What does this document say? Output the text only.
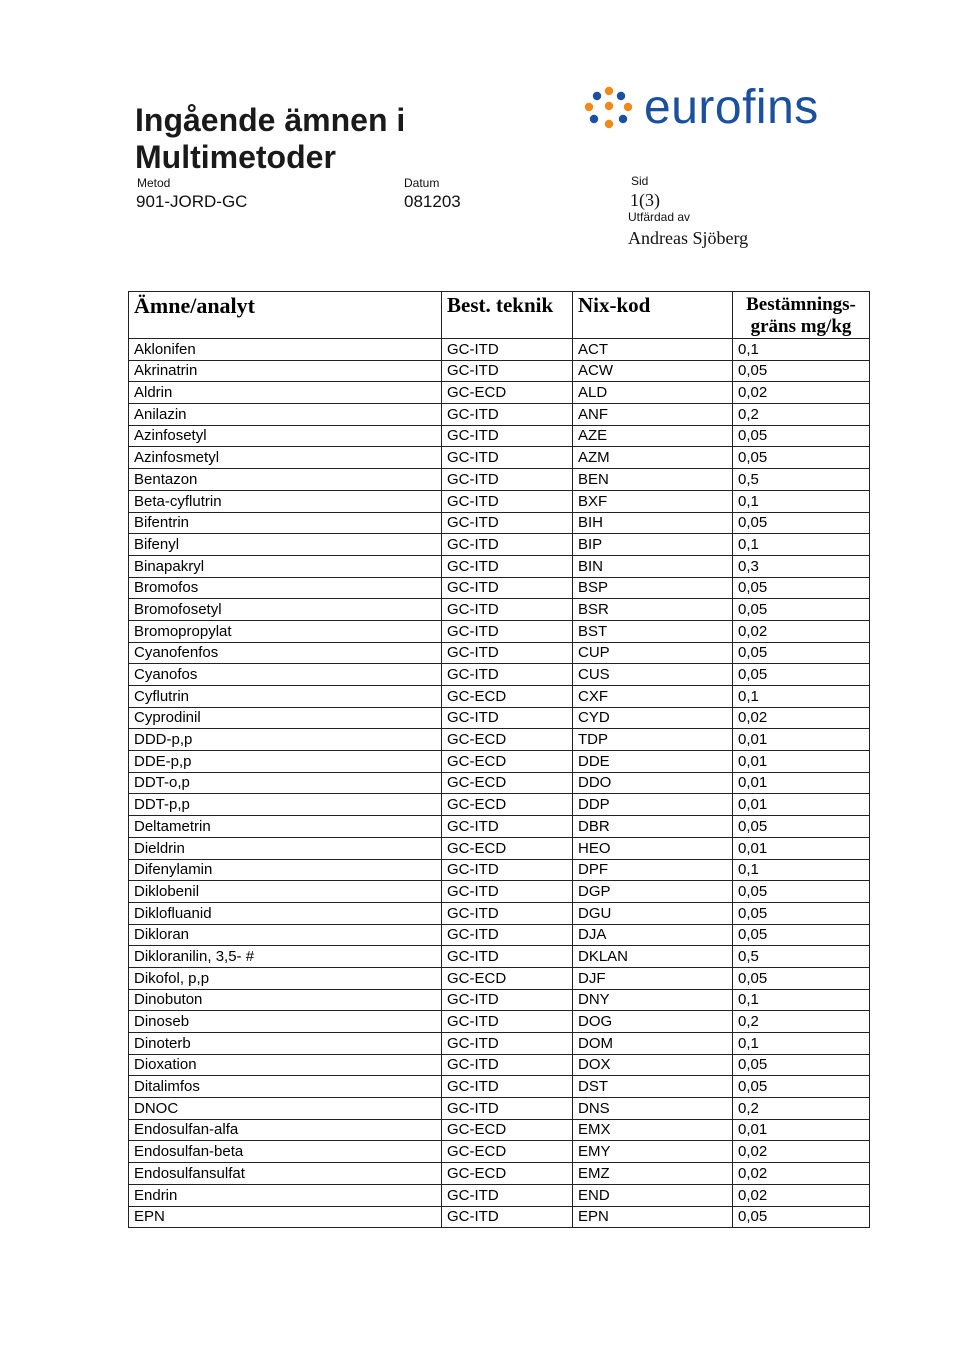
Ingående ämnen i
Multimetoder
eurofins
Metod
901-JORD-GC
Datum
081203
Sid
1(3)
Utfärdad av
Andreas Sjöberg
Ämne/analyt	Best. teknik	Nix-kod	Bestämnings-gräns mg/kg
Aklonifen	GC-ITD	ACT	0,1
Akrinatrin	GC-ITD	ACW	0,05
Aldrin	GC-ECD	ALD	0,02
Anilazin	GC-ITD	ANF	0,2
Azinfosetyl	GC-ITD	AZE	0,05
Azinfosmetyl	GC-ITD	AZM	0,05
Bentazon	GC-ITD	BEN	0,5
Beta-cyflutrin	GC-ITD	BXF	0,1
Bifentrin	GC-ITD	BIH	0,05
Bifenyl	GC-ITD	BIP	0,1
Binapakryl	GC-ITD	BIN	0,3
Bromofos	GC-ITD	BSP	0,05
Bromofosetyl	GC-ITD	BSR	0,05
Bromopropylat	GC-ITD	BST	0,02
Cyanofenfos	GC-ITD	CUP	0,05
Cyanofos	GC-ITD	CUS	0,05
Cyflutrin	GC-ECD	CXF	0,1
Cyprodinil	GC-ITD	CYD	0,02
DDD-p,p	GC-ECD	TDP	0,01
DDE-p,p	GC-ECD	DDE	0,01
DDT-o,p	GC-ECD	DDO	0,01
DDT-p,p	GC-ECD	DDP	0,01
Deltametrin	GC-ITD	DBR	0,05
Dieldrin	GC-ECD	HEO	0,01
Difenylamin	GC-ITD	DPF	0,1
Diklobenil	GC-ITD	DGP	0,05
Diklofluanid	GC-ITD	DGU	0,05
Dikloran	GC-ITD	DJA	0,05
Dikloranilin, 3,5- #	GC-ITD	DKLAN	0,5
Dikofol, p,p	GC-ECD	DJF	0,05
Dinobuton	GC-ITD	DNY	0,1
Dinoseb	GC-ITD	DOG	0,2
Dinoterb	GC-ITD	DOM	0,1
Dioxation	GC-ITD	DOX	0,05
Ditalimfos	GC-ITD	DST	0,05
DNOC	GC-ITD	DNS	0,2
Endosulfan-alfa	GC-ECD	EMX	0,01
Endosulfan-beta	GC-ECD	EMY	0,02
Endosulfansulfat	GC-ECD	EMZ	0,02
Endrin	GC-ITD	END	0,02
EPN	GC-ITD	EPN	0,05
